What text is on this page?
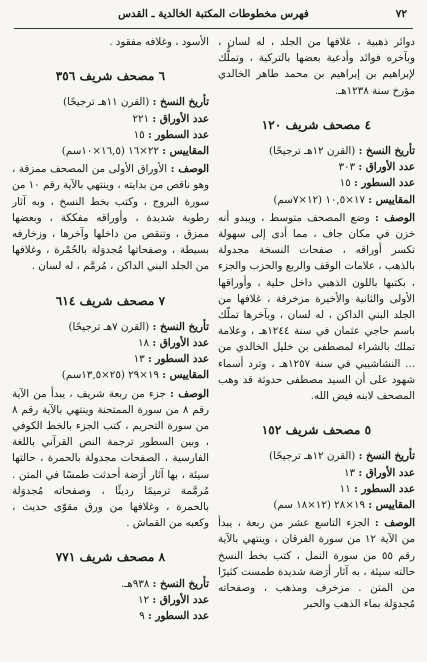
٧٢
فهرس مخطوطات المكتبة الخالدية ـ القدس

دوائر ذهبية ، غلافها من الجلد ، له لسان ، وبآخره فوائد وأدعية بعضها بالتركية ، وتملُّك لإبراهيم بن إبراهيم بن محمد طاهر الخالدي مؤرخ سنة ١٢٣٨هـ.

٤ مصحف شريف ١٢٠

تأريخ النسخ : (القرن ١٢هـ ترجيحًا)

عدد الأوراق : ٣٠٣

عدد السطور : ١٥

المقاييس : ١٧×١٠,٥ (١٢×٧سم)

الوصف : وضع المصحف متوسط ، ويبدو أنه خزن في مكان جاف ، مما أدى إلى سهولة تكسر أوراقه ، صفحات النسخة مجدولة بالذهب ، علامات الوقف والربع والحزب والجزء ، بكتبها باللون الذهبي داخل حلية ، وأوراقها الأولى والثانية والأخيرة مزخرفة ، غلافها من الجلد البني الداكن ، له لسان ، وبآخرها تملّك باسم حاجي عثمان في سنة ١٢٤٤هـ ، وعلامة تملك بالشراء لمصطفى بن خليل الخالدي من ... النشاشيبي في سنة ١٢٥٧هـ ، وترد أسماء شهود على أن السيد مصطفى حدوثة قد وهب المصحف لابنه فيض الله.

٥ مصحف شريف ١٥٢

تأريخ النسخ : (القرن ١٢هـ ترجيحًا)

عدد الأوراق : ١٣

عدد السطور : ١١

المقاييس : ١٩×٢٨ (١٢×١٨ سم)

الوصف : الجزء التاسع عشر من ربعة ، يبدأ من الآية ١٢ من سورة الفرقان ، وينتهي بالآية رقم ٥٥ من سورة النمل ، كتب بخط النسخ حالته سيئة ، به آثار أرَضة شديدة طمست كثيرًا من المتن . مزخرف ومذهب ، وصفحاته مُجدوَلة بماء الذهب والحبر

الأسود ، وغلافه مفقود .

٦ مصحف شريف ٣٥٦

تأريخ النسخ : (القرن ١١هـ ترجيحًا)

عدد الأوراق : ٢٢١

عدد السطور : ١٥

المقاييس : ٢٢×١٦ (١٦,٥×١٠سم)

الوصف : الأوراق الأولى من المصحف ممزقة ، وهو ناقص من بدايته ، وينتهي بالآية رقم ١٠ من سورة البروج ، وكتب بخط النسخ ، وبه آثار رطوبة شديدة ، وأوراقه مفككة ، وبعضها ممزق ، وتنقص من داخلها وآخرها ، وزخارفه بسيطة ، وصفحاتها مُجدوَلة بالحُمْرة ، وغلافها من الجلد البني الداكن ، مُرمَّم ، له لسان .

٧ مصحف شريف ٦١٤

تأريخ النسخ : (القرن ٧هـ ترجيحًا)

عدد الأوراق : ١٨

عدد السطور : ١٣

المقاييس : ١٩×٢٩ (٢٥×١٣,٥سم)

الوصف : جزء من ربعة شريف ، يبدأ من الآية رقم ٨ من سورة الممتحنة وينتهي بالآية رقم ٨ من سورة التحريم ، كتب الجزء بالخط الكوفي ، وبين السطور ترجمة النص القرآني باللغة الفارسية ، الصفحات مجدولة بالحمرة ، حالتها سيئة ، بها آثار أرَضة أحدثت طمسًا في المتن . مُرمَّمة ترميمًا رديئًا ، وصفحاته مُجدوَلة بالحمرة ، وغلافها من ورق مقوّى حديث ، وكعبه من القماش .

٨ مصحف شريف ٧٧١

تأريخ النسخ : ٩٣٨هـ.

عدد الأوراق : ١٢

عدد السطور : ٩
